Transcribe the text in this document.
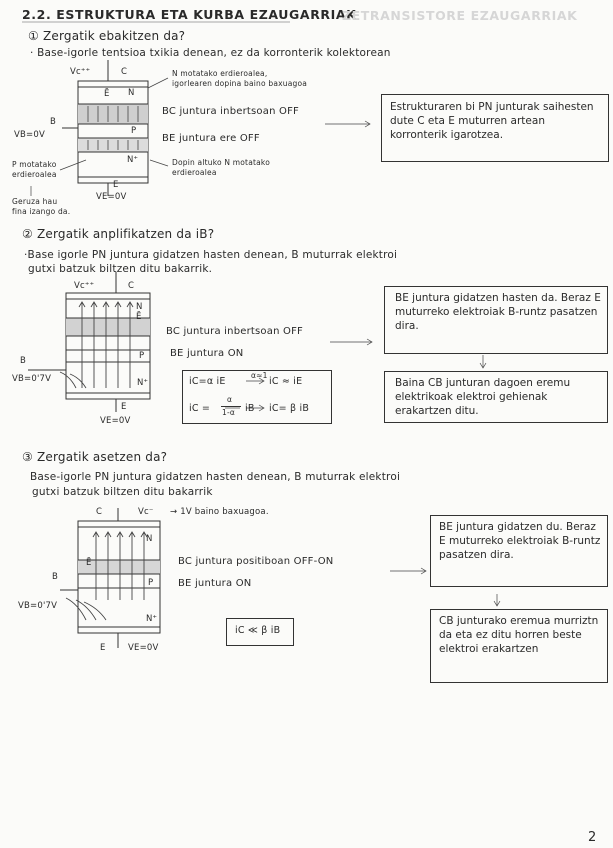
2.2. ESTRUKTURA ETA KURBA EZAUGARRIAK
ZETRANSISTORE EZAUGARRIAK
① Zergatik ebakitzen da?
· Base-igorle tentsioa txikia denean, ez da korronterik kolektorean
Vc⁺⁺	C
Ē N
P
N⁺
E
VE=0V
B
VB=0V
N motatako erdieroalea,
igorlearen dopina baino baxuagoa
BC juntura inbertsoan OFF
BE juntura ere OFF
Dopin altuko N motatako
erdieroalea
P motatako
erdieroalea
Geruza hau
fina izango da.
Estrukturaren bi PN junturak saihesten dute C eta E muturren artean korronterik igarotzea.
② Zergatik anplifikatzen da iB?
·Base igorle PN juntura gidatzen hasten denean, B muturrak elektroi
gutxi batzuk biltzen ditu bakarrik.
Vc⁺⁺	C
N
Ē
P
N⁺
B
VB=0'7V
E
VE=0V
BC juntura inbertsoan OFF
BE juntura ON
iC=α iE
α≈1
iC ≈ iE
iC =
α
1-α iB iC= β iB
BE juntura gidatzen hasten da. Beraz E muturreko elektroiak B-runtz pasatzen dira.
Baina CB junturan dagoen eremu elektrikoak elektroi gehienak erakartzen ditu.
③ Zergatik asetzen da?
Base-igorle PN juntura gidatzen hasten denean, B muturrak elektroi
gutxi batzuk biltzen ditu bakarrik
C	Vc⁻ → 1V baino baxuagoa.
N
Ē
P
N⁺
B
VB=0'7V
E	VE=0V
BC juntura positiboan OFF-ON
BE juntura ON
iC ≪ β iB
BE juntura gidatzen du. Beraz E muturreko elektroiak B-runtz pasatzen dira.
CB junturako eremua murriztn da eta ez ditu horren beste elektroi erakartzen
2
